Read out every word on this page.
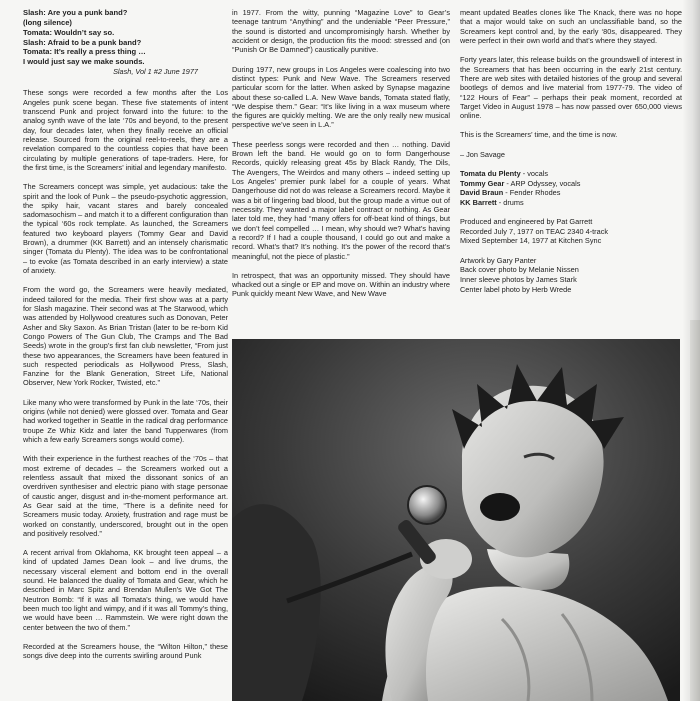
Slash: Are you a punk band?
(long silence)
Tomata: Wouldn’t say so.
Slash: Afraid to be a punk band?
Tomata: It’s really a press thing …
I would just say we make sounds.
Slash, Vol 1 #2 June 1977

These songs were recorded a few months after the Los Angeles punk scene began. These five statements of intent transcend Punk and project forward into the future: to the analog synth wave of the late ‘70s and beyond, to the present day, four decades later, when they finally receive an official release. Sourced from the original reel-to-reels, they are a revelation compared to the countless copies that have been circulating by multiple generations of tape-traders. Here, for the first time, is the Screamers’ initial and legendary manifesto.

The Screamers concept was simple, yet audacious: take the spirit and the look of Punk – the pseudo-psychotic aggression, the spiky hair, vacant stares and barely concealed sadomasochism – and match it to a different configuration than the typical ‘60s rock template. As launched, the Screamers featured two keyboard players (Tommy Gear and David Brown), a drummer (KK Barrett) and an intensely charismatic singer (Tomata du Plenty). The idea was to be confrontational – to evoke (as Tomata described in an early interview) a state of anxiety.

From the word go, the Screamers were heavily mediated, indeed tailored for the media. Their first show was at a party for Slash magazine. Their second was at The Starwood, which was attended by Hollywood creatures such as Donovan, Peter Asher and Sky Saxon. As Brian Tristan (later to be re-born Kid Congo Powers of The Gun Club, The Cramps and The Bad Seeds) wrote in the group’s first fan club newsletter, “From just these two appearances, the Screamers have been featured in such respected periodicals as Hollywood Press, Slash, Fanzine for the Blank Generation, Street Life, National Observer, New York Rocker, Twisted, etc.”

Like many who were transformed by Punk in the late ‘70s, their origins (while not denied) were glossed over. Tomata and Gear had worked together in Seattle in the radical drag performance troupe Ze Whiz Kidz and later the band Tupperwares (from which a few early Screamers songs would come).

With their experience in the furthest reaches of the ‘70s – that most extreme of decades – the Screamers worked out a relentless assault that mixed the dissonant sonics of an overdriven synthesiser and electric piano with stage personae of caustic anger, disgust and in-the-moment performance art. As Gear said at the time, “There is a definite need for Screamers music today. Anxiety, frustration and rage must be worked on constantly, underscored, brought out in the open and positively resolved.”

A recent arrival from Oklahoma, KK brought teen appeal – a kind of updated James Dean look – and live drums, the necessary visceral element and bottom end in the overall sound. He balanced the duality of Tomata and Gear, which he described in Marc Spitz and Brendan Mullen’s We Got The Neutron Bomb: “If it was all Tomata’s thing, we would have been much too light and wimpy, and if it was all Tommy’s thing, we would have been … Rammstein. We were right down the center between the two of them.”

Recorded at the Screamers house, the “Wilton Hilton,” these songs dive deep into the currents swirling around Punk

in 1977. From the witty, punning “Magazine Love” to Gear’s teenage tantrum “Anything” and the undeniable “Peer Pressure,” the sound is distorted and uncompromisingly harsh. Whether by accident or design, the production fits the mood: stressed and (on “Punish Or Be Damned”) caustically punitive.

During 1977, new groups in Los Angeles were coalescing into two distinct types: Punk and New Wave. The Screamers reserved particular scorn for the latter. When asked by Synapse magazine about these so-called L.A. New Wave bands, Tomata stated flatly, “We despise them.” Gear: “It’s like living in a wax museum where the figures are quickly melting. We are the only really new musical perspective we’ve seen in L.A.”

These peerless songs were recorded and then … nothing. David Brown left the band. He would go on to form Dangerhouse Records, quickly releasing great 45s by Black Randy, The Dils, The Avengers, The Weirdos and many others – indeed setting up Los Angeles’ premier punk label for a couple of years. What Dangerhouse did not do was release a Screamers record. Maybe it was a bit of lingering bad blood, but the group made a virtue out of necessity. They wanted a major label contract or nothing. As Gear later told me, they had “many offers for off-beat kind of things, but we don’t feel compelled … I mean, why should we? What’s having a record? If I had a couple thousand, I could go out and make a record. What’s that? It’s nothing. It’s the power of the record that’s meaningful, not the piece of plastic.”

In retrospect, that was an opportunity missed. They should have whacked out a single or EP and move on. Within an industry where Punk quickly meant New Wave, and New Wave

meant updated Beatles clones like The Knack, there was no hope that a major would take on such an unclassifiable band, so the Screamers kept control and, by the early ‘80s, disappeared. They were perfect in their own world and that’s where they stayed.

Forty years later, this release builds on the groundswell of interest in the Screamers that has been occurring in the early 21st century. There are web sites with detailed histories of the group and several bootlegs of demos and live material from 1977-79. The video of “122 Hours of Fear” – perhaps their peak moment, recorded at Target Video in August 1978 – has now passed over 650,000 views online.

This is the Screamers’ time, and the time is now.

– Jon Savage

Tomata du Plenty - vocals
Tommy Gear - ARP Odyssey, vocals
David Braun - Fender Rhodes
KK Barrett - drums
Produced and engineered by Pat Garrett
Recorded July 7, 1977 on TEAC 2340 4-track
Mixed September 14, 1977 at Kitchen Sync
Artwork by Gary Panter
Back cover photo by Melanie Nissen
Inner sleeve photos by James Stark
Center label photo by Herb Wrede
